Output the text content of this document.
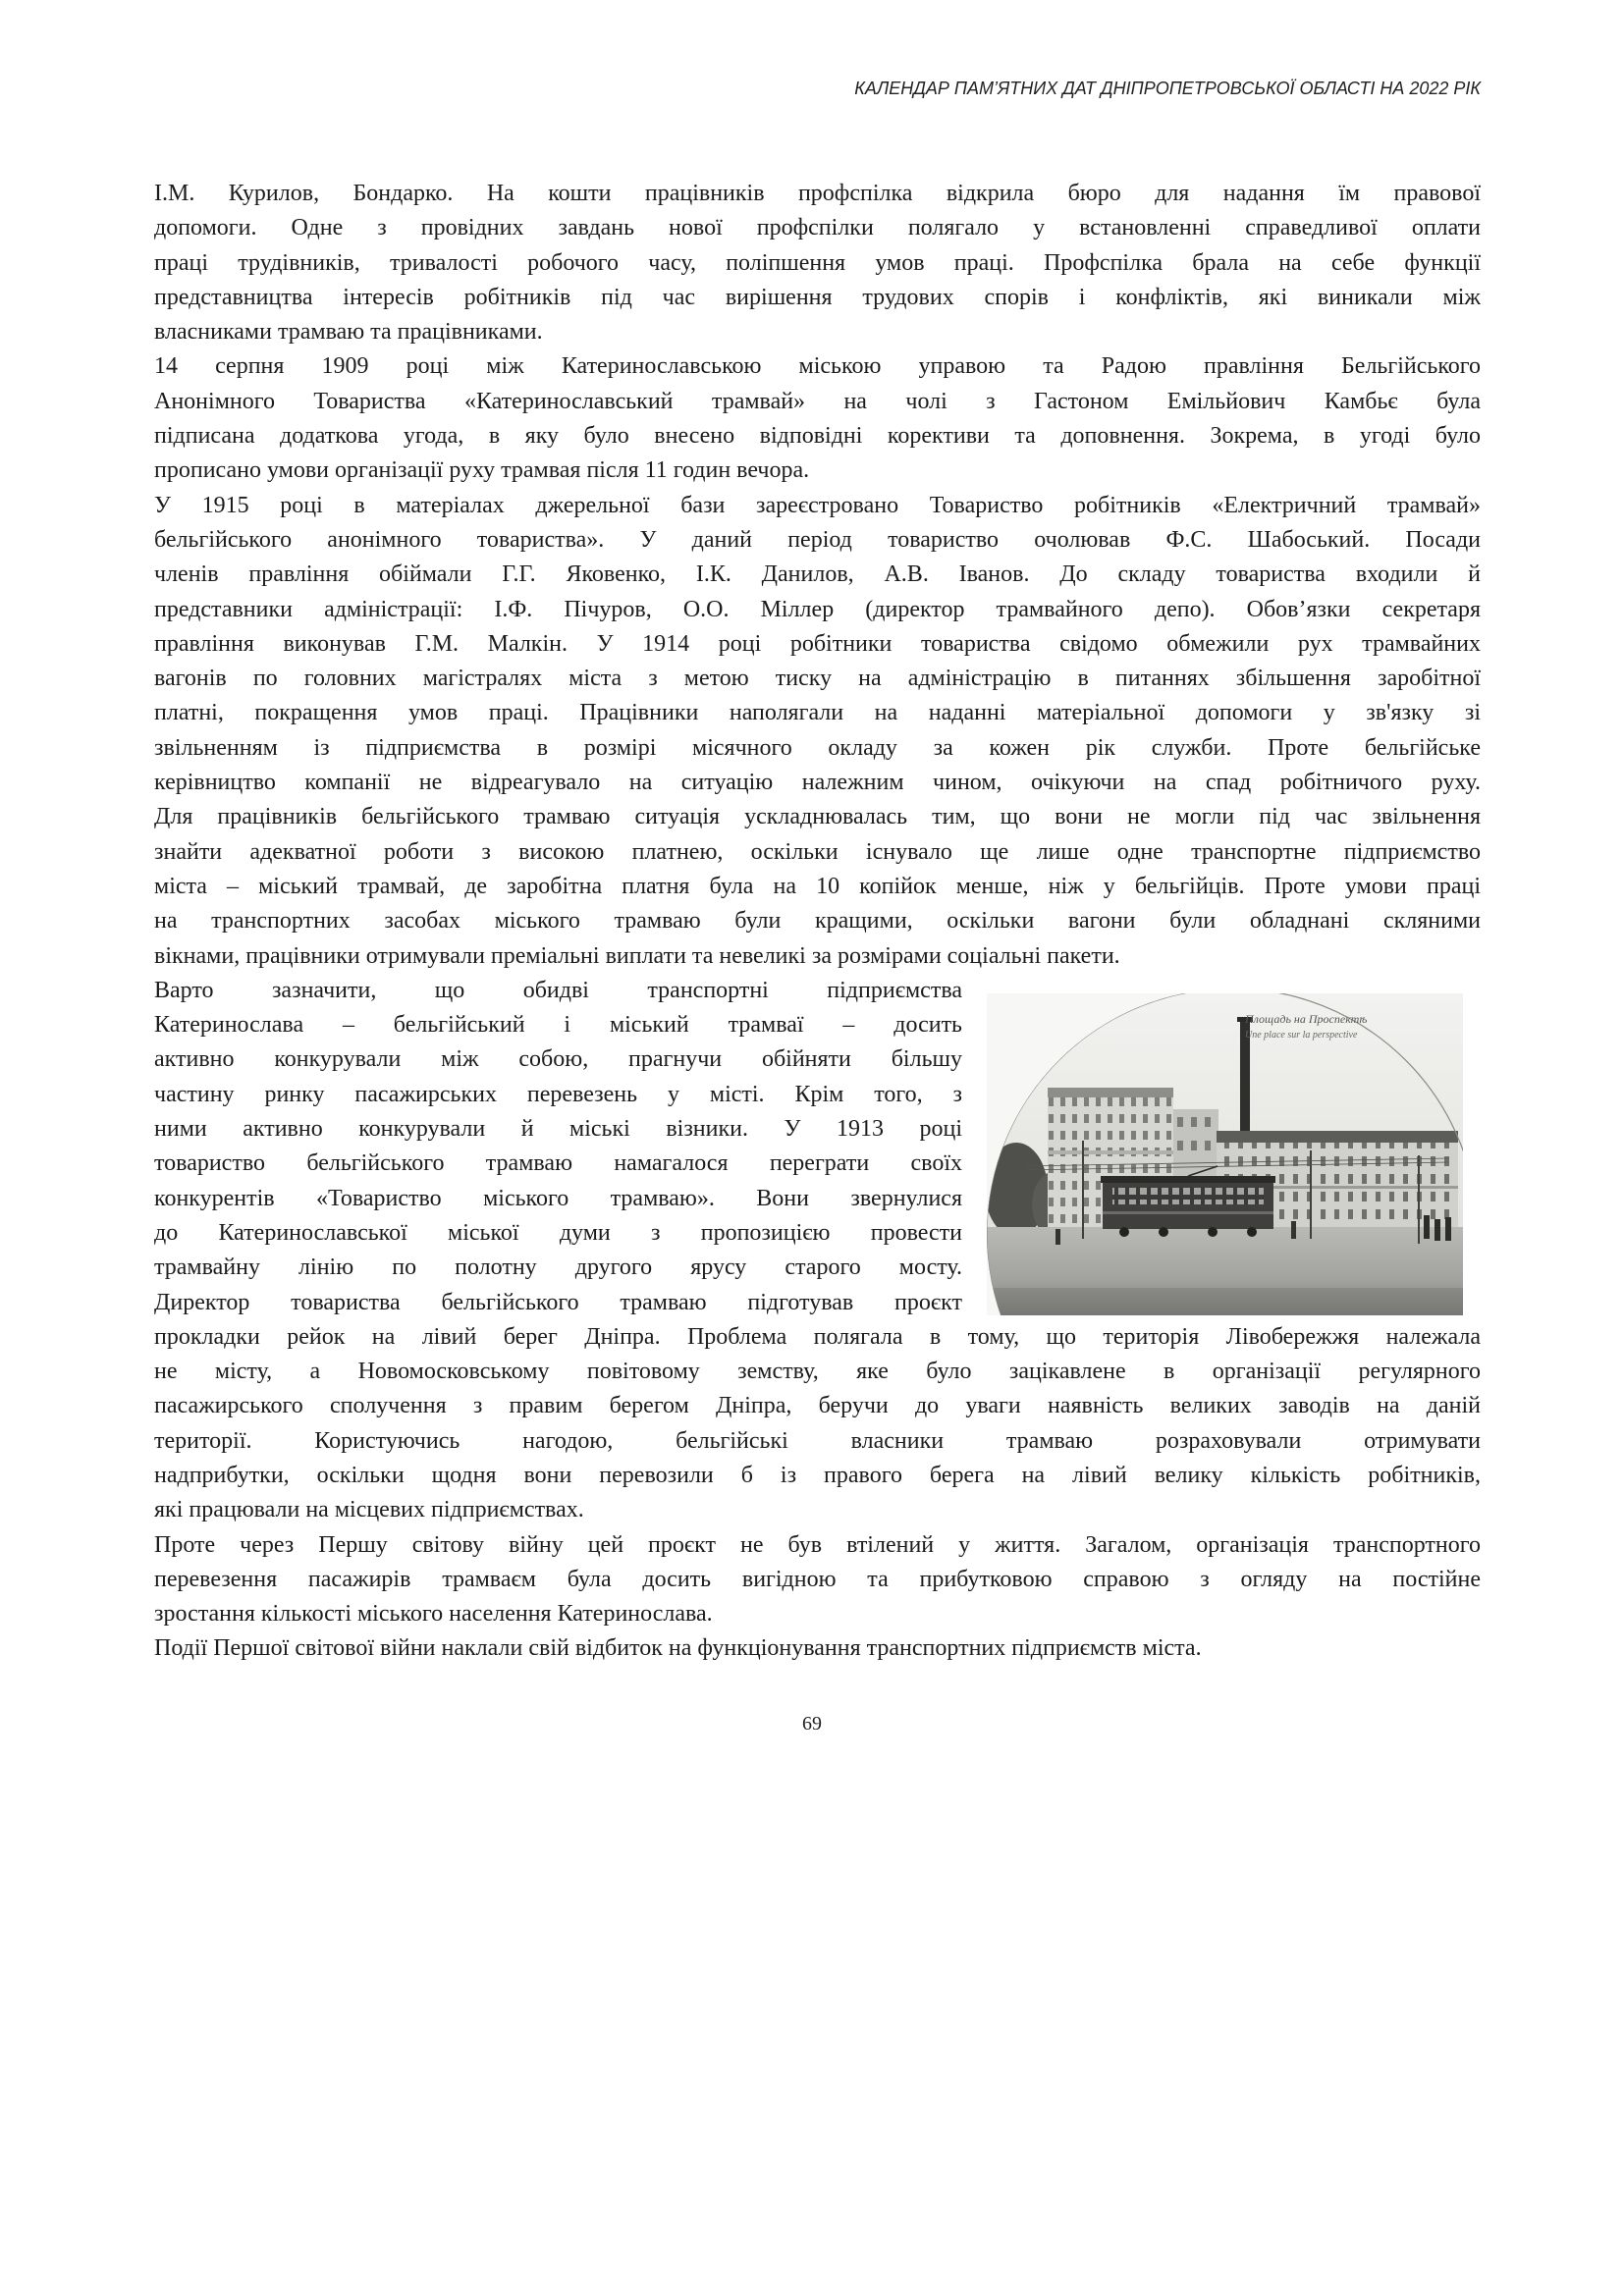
КАЛЕНДАР ПАМ’ЯТНИХ ДАТ ДНІПРОПЕТРОВСЬКОЇ ОБЛАСТІ НА 2022 РІК
І.М. Курилов, Бондарко. На кошти працівників профспілка відкрила бюро для надання їм правової
допомоги. Одне з провідних завдань нової профспілки полягало у встановленні справедливої оплати
праці трудівників, тривалості робочого часу, поліпшення умов праці. Профспілка брала на себе функції
представництва інтересів робітників під час вирішення трудових спорів і конфліктів, які виникали між
власниками трамваю та працівниками.
14 серпня 1909 році між Катеринославською міською управою та Радою правління Бельгійського
Анонімного Товариства «Катеринославський трамвай» на чолі з Гастоном Емільйович Камбьє була
підписана додаткова угода, в яку було внесено відповідні корективи та доповнення. Зокрема, в угоді було
прописано умови організації руху трамвая після 11 годин вечора.
У 1915 році в матеріалах джерельної бази зареєстровано Товариство робітників «Електричний трамвай»
бельгійського анонімного товариства». У даний період товариство очолював Ф.С. Шабоський. Посади
членів правління обіймали Г.Г. Яковенко, І.К. Данилов, А.В. Іванов. До складу товариства входили й
представники адміністрації: І.Ф. Пічуров, О.О. Міллер (директор трамвайного депо). Обов’язки секретаря
правління виконував Г.М. Малкін. У 1914 році робітники товариства свідомо обмежили рух трамвайних
вагонів по головних магістралях міста з метою тиску на адміністрацію в питаннях збільшення заробітної
платні, покращення умов праці. Працівники наполягали на наданні матеріальної допомоги у зв'язку зі
звільненням із підприємства в розмірі місячного окладу за кожен рік служби. Проте бельгійське
керівництво компанії не відреагувало на ситуацію належним чином, очікуючи на спад робітничого руху.
Для працівників бельгійського трамваю ситуація ускладнювалась тим, що вони не могли під час звільнення
знайти адекватної роботи з високою платнею, оскільки існувало ще лише одне транспортне підприємство
міста – міський трамвай, де заробітна платня була на 10 копійок менше, ніж у бельгійців. Проте умови праці
на транспортних засобах міського трамваю були кращими, оскільки вагони були обладнані скляними
вікнами, працівники отримували преміальні виплати та невеликі за розмірами соціальні пакети.
Варто зазначити, що обидві транспортні підприємства
Катеринослава – бельгійський і міський трамваї – досить
активно конкурували між собою, прагнучи обійняти більшу
частину ринку пасажирських перевезень у місті. Крім того, з
ними активно конкурували й міські візники. У 1913 році
товариство бельгійського трамваю намагалося переграти своїх
конкурентів «Товариство міського трамваю». Вони звернулися
до Катеринославської міської думи з пропозицією провести
трамвайну лінію по полотну другого ярусу старого мосту.
Директор товариства бельгійського трамваю підготував проєкт
прокладки рейок на лівий берег Дніпра. Проблема полягала в тому, що територія Лівобережжя належала
не місту, а Новомосковському повітовому земству, яке було зацікавлене в організації регулярного
пасажирського сполучення з правим берегом Дніпра, беручи до уваги наявність великих заводів на даній
території. Користуючись нагодою, бельгійські власники трамваю розраховували отримувати
надприбутки, оскільки щодня вони перевозили б із правого берега на лівий велику кількість робітників,
які працювали на місцевих підприємствах.
Проте через Першу світову війну цей проєкт не був втілений у життя. Загалом, організація транспортного
перевезення пасажирів трамваєм була досить вигідною та прибутковою справою з огляду на постійне
зростання кількості міського населення Катеринослава.
Події Першої світової війни наклали свій відбиток на функціонування транспортних підприємств міста.
Площадь на Проспектѣ
Une place sur la perspective
69
